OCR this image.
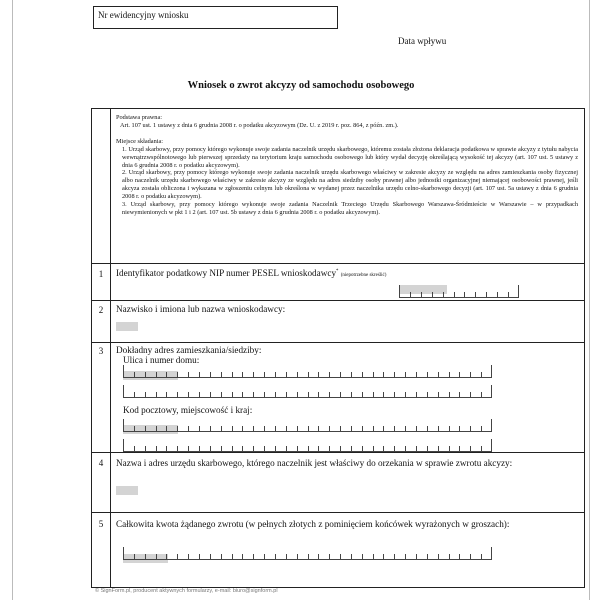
Nr ewidencyjny wniosku
Data wpływu
Wniosek o zwrot akcyzy od samochodu osobowego

Podstawa prawna:

Art. 107 ust. 1 ustawy z dnia 6 grudnia 2008 r. o podatku akcyzowym (Dz. U. z 2019 r. poz. 864, z późn. zm.).

Miejsce składania:

1. Urząd skarbowy, przy pomocy którego wykonuje swoje zadania naczelnik urzędu skarbowego, któremu została złożona deklaracja podatkowa w sprawie akcyzy z tytułu nabycia wewnątrzwspólnotowego lub pierwszej sprzedaży na terytorium kraju samochodu osobowego lub który wydał decyzję określającą wysokość tej akcyzy (art. 107 ust. 5 ustawy z dnia 6 grudnia 2008 r. o podatku akcyzowym).

2. Urząd skarbowy, przy pomocy którego wykonuje swoje zadania naczelnik urzędu skarbowego właściwy w zakresie akcyzy ze względu na adres zamieszkania osoby fizycznej albo naczelnik urzędu skarbowego właściwy w zakresie akcyzy ze względu na adres siedziby osoby prawnej albo jednostki organizacyjnej niemającej osobowości prawnej, jeśli akcyza została obliczona i wykazana w zgłoszeniu celnym lub określona w wydanej przez naczelnika urzędu celno-skarbowego decyzji (art. 107 ust. 5a ustawy z dnia 6 grudnia 2008 r. o podatku akcyzowym).

3. Urząd skarbowy, przy pomocy którego wykonuje swoje zadania Naczelnik Trzeciego Urzędu Skarbowego Warszawa-Śródmieście w Warszawie – w przypadkach niewymienionych w pkt 1 i 2 (art. 107 ust. 5b ustawy z dnia 6 grudnia 2008 r. o podatku akcyzowym).

1	Identyfikator podatkowy NIP numer PESEL wnioskodawcy* (niepotrzebne skreślić)
2	Nazwisko i imiona lub nazwa wnioskodawcy:
3	Dokładny adres zamieszkania/siedziby:
Ulica i numer domu:
Kod pocztowy, miejscowość i kraj:
4	Nazwa i adres urzędu skarbowego, którego naczelnik jest właściwy do orzekania w sprawie zwrotu akcyzy:
5	Całkowita kwota żądanego zwrotu (w pełnych złotych z pominięciem końcówek wyrażonych w groszach):
© SignForm.pl, producent aktywnych formularzy, e-mail: biuro@signform.pl
